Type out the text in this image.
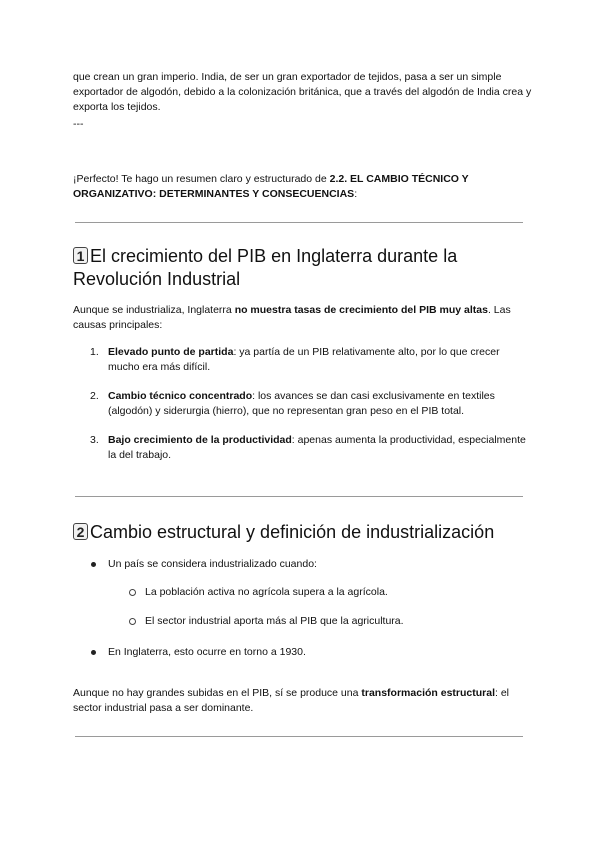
que crean un gran imperio. India, de ser un gran exportador de tejidos, pasa a ser un simple exportador de algodón, debido a la colonización británica, que a través del algodón de India crea y exporta los tejidos.

---

¡Perfecto! Te hago un resumen claro y estructurado de 2.2. EL CAMBIO TÉCNICO Y ORGANIZATIVO: DETERMINANTES Y CONSECUENCIAS:

1 El crecimiento del PIB en Inglaterra durante la Revolución Industrial

Aunque se industrializa, Inglaterra no muestra tasas de crecimiento del PIB muy altas. Las causas principales:

1. Elevado punto de partida: ya partía de un PIB relativamente alto, por lo que crecer mucho era más difícil.
2. Cambio técnico concentrado: los avances se dan casi exclusivamente en textiles (algodón) y siderurgia (hierro), que no representan gran peso en el PIB total.
3. Bajo crecimiento de la productividad: apenas aumenta la productividad, especialmente la del trabajo.
2 Cambio estructural y definición de industrialización
Un país se considera industrializado cuando:
La población activa no agrícola supera a la agrícola.
El sector industrial aporta más al PIB que la agricultura.
En Inglaterra, esto ocurre en torno a 1930.

Aunque no hay grandes subidas en el PIB, sí se produce una transformación estructural: el sector industrial pasa a ser dominante.
